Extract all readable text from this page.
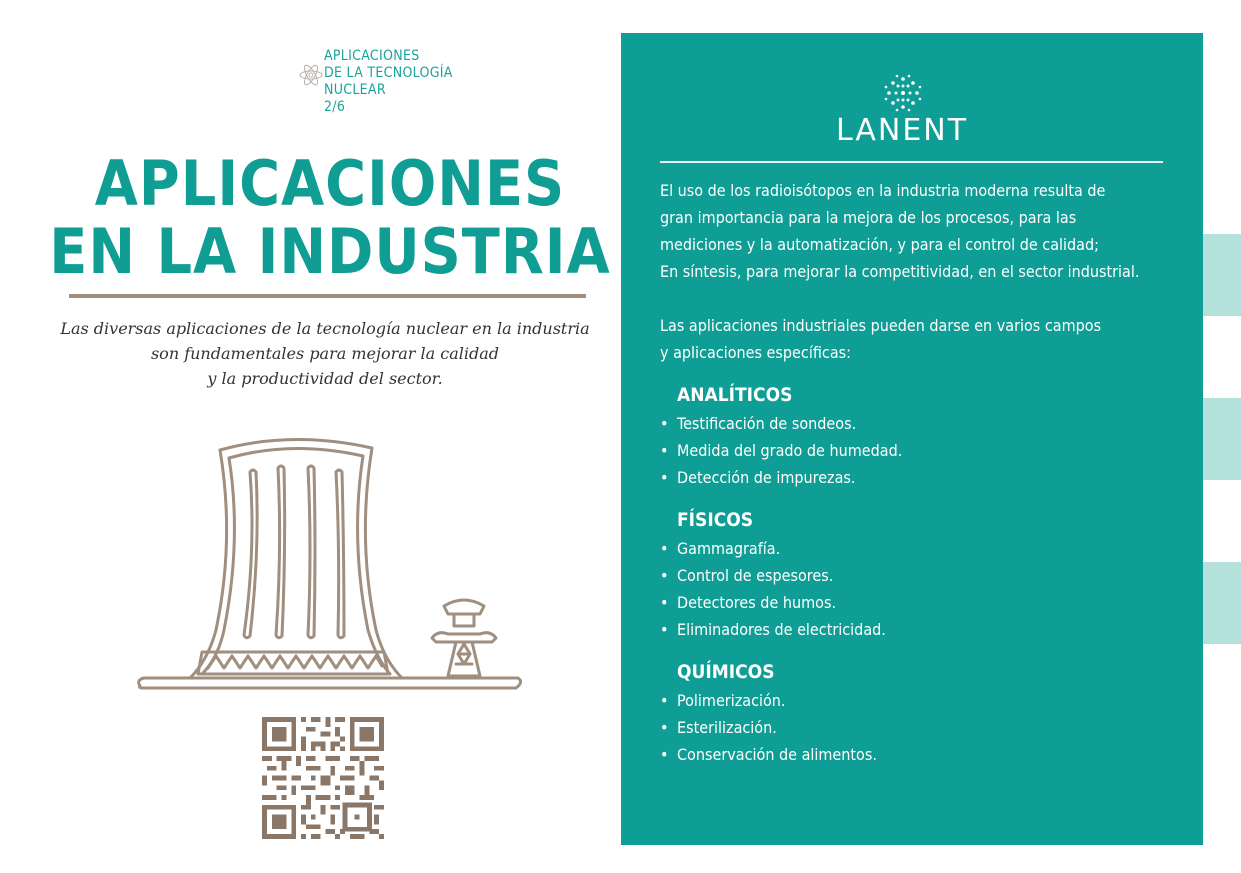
APLICACIONES
DE LA TECNOLOGÍA
NUCLEAR
2/6
APLICACIONES
EN LA INDUSTRIA
Las diversas aplicaciones de la tecnología nuclear en la industria
son fundamentales para mejorar la calidad
y la productividad del sector.
LANENT
El uso de los radioisótopos en la industria moderna resulta de
gran importancia para la mejora de los procesos, para las
mediciones y la automatización, y para el control de calidad;
En síntesis, para mejorar la competitividad, en el sector industrial.
Las aplicaciones industriales pueden darse en varios campos
y aplicaciones específicas:
ANALÍTICOS
• Testificación de sondeos.
• Medida del grado de humedad.
• Detección de impurezas.
FÍSICOS
• Gammagrafía.
• Control de espesores.
• Detectores de humos.
• Eliminadores de electricidad.
QUÍMICOS
• Polimerización.
• Esterilización.
• Conservación de alimentos.
